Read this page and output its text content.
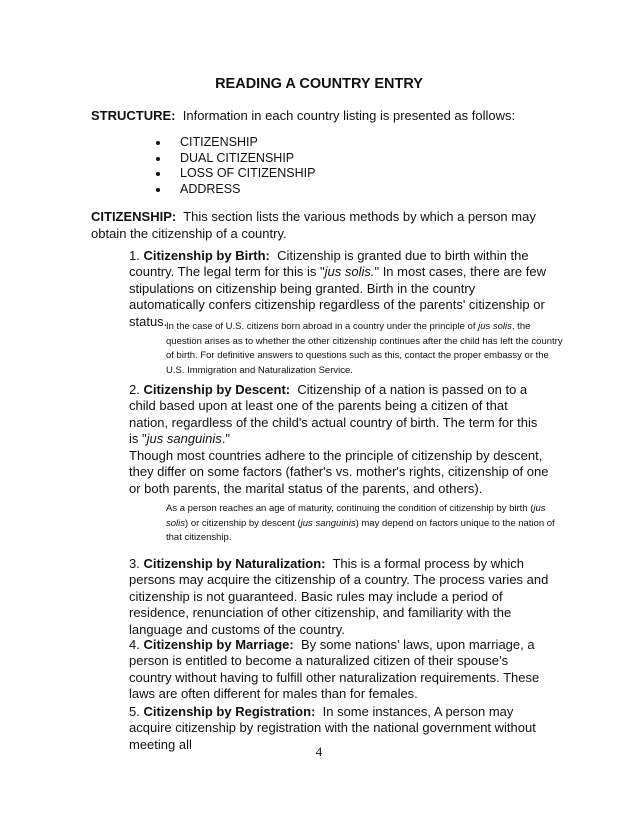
READING A COUNTRY ENTRY
STRUCTURE: Information in each country listing is presented as follows:
CITIZENSHIP
DUAL CITIZENSHIP
LOSS OF CITIZENSHIP
ADDRESS
CITIZENSHIP: This section lists the various methods by which a person may obtain the citizenship of a country.
1. Citizenship by Birth: Citizenship is granted due to birth within the country. The legal term for this is "jus solis." In most cases, there are few stipulations on citizenship being granted. Birth in the country automatically confers citizenship regardless of the parents' citizenship or status.
In the case of U.S. citizens born abroad in a country under the principle of jus solis, the question arises as to whether the other citizenship continues after the child has left the country of birth. For definitive answers to questions such as this, contact the proper embassy or the U.S. Immigration and Naturalization Service.
2. Citizenship by Descent: Citizenship of a nation is passed on to a child based upon at least one of the parents being a citizen of that nation, regardless of the child's actual country of birth. The term for this is "jus sanguinis."
Though most countries adhere to the principle of citizenship by descent, they differ on some factors (father's vs. mother's rights, citizenship of one or both parents, the marital status of the parents, and others).
As a person reaches an age of maturity, continuing the condition of citizenship by birth (jus solis) or citizenship by descent (jus sanguinis) may depend on factors unique to the nation of that citizenship.
3. Citizenship by Naturalization: This is a formal process by which persons may acquire the citizenship of a country. The process varies and citizenship is not guaranteed. Basic rules may include a period of residence, renunciation of other citizenship, and familiarity with the language and customs of the country.
4. Citizenship by Marriage: By some nations’ laws, upon marriage, a person is entitled to become a naturalized citizen of their spouse’s country without having to fulfill other naturalization requirements. These laws are often different for males than for females.
5. Citizenship by Registration: In some instances, A person may acquire citizenship by registration with the national government without meeting all	4
